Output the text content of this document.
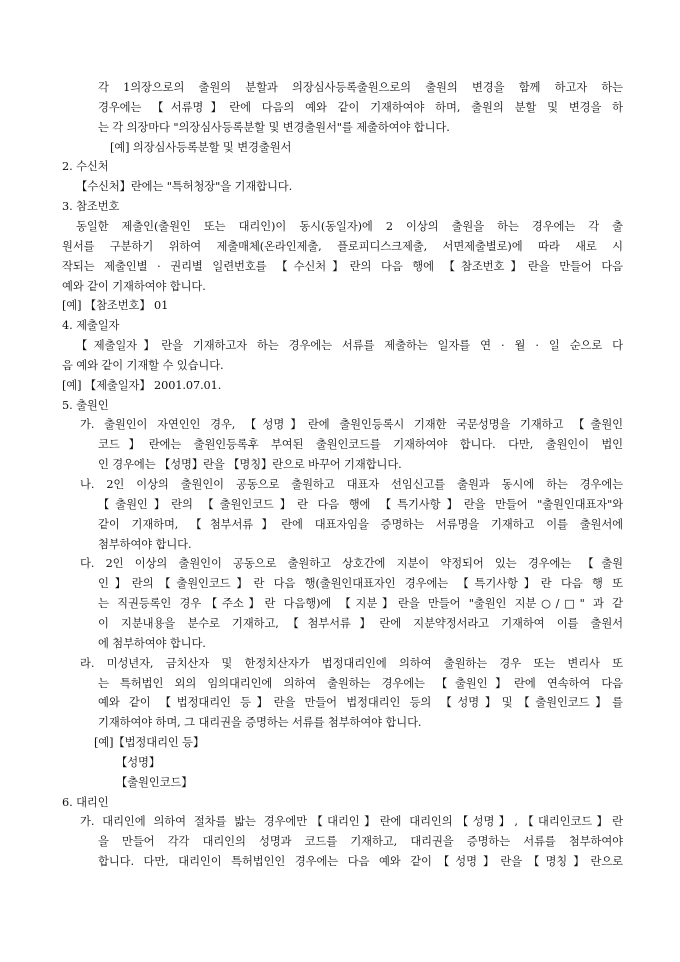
각 1의장으로의 출원의 분할과 의장심사등록출원으로의 출원의 변경을 함께 하고자 하는

경우에는 【서류명】란에 다음의 예와 같이 기재하여야 하며, 출원의 분할 및 변경을 하

는 각 의장마다 "의장심사등록분할 및 변경출원서"를 제출하여야 합니다.

[예] 의장심사등록분할 및 변경출원서

2. 수신처

【수신처】란에는 "특허청장"을 기재합니다.

3. 참조번호

동일한 제출인(출원인 또는 대리인)이 동시(동일자)에 2 이상의 출원을 하는 경우에는 각 출

원서를 구분하기 위하여 제출매체(온라인제출, 플로피디스크제출, 서면제출별로)에 따라 새로 시

작되는 제출인별 · 권리별 일련번호를 【수신처】란의 다음 행에 【참조번호】란을 만들어 다음

예와 같이 기재하여야 합니다.

[예] 【참조번호】 01

4. 제출일자

【제출일자】란을 기재하고자 하는 경우에는 서류를 제출하는 일자를 연 · 월 · 일 순으로 다

음 예와 같이 기재할 수 있습니다.

[예] 【제출일자】 2001.07.01.

5. 출원인

가. 출원인이 자연인인 경우, 【성명】란에 출원인등록시 기재한 국문성명을 기재하고 【출원인

코드】란에는 출원인등록후 부여된 출원인코드를 기재하여야 합니다. 다만, 출원인이 법인

인 경우에는 【성명】란을 【명칭】란으로 바꾸어 기재합니다.

나. 2인 이상의 출원인이 공동으로 출원하고 대표자 선임신고를 출원과 동시에 하는 경우에는

【출원인】란의 【출원인코드】란 다음 행에 【특기사항】란을 만들어 "출원인대표자"와

같이 기재하며, 【첨부서류】란에 대표자임을 증명하는 서류명을 기재하고 이를 출원서에

첨부하여야 합니다.

다. 2인 이상의 출원인이 공동으로 출원하고 상호간에 지분이 약정되어 있는 경우에는 【출원

인】란의【출원인코드】란 다음 행(출원인대표자인 경우에는 【특기사항】란 다음 행 또

는 직권등록인 경우【주소】란 다음행)에 【지분】란을 만들어 "출원인 지분○/□" 과 같

이 지분내용을 분수로 기재하고,【첨부서류】란에 지분약정서라고 기재하여 이를 출원서

에 첨부하여야 합니다.

라. 미성년자, 금치산자 및 한정치산자가 법정대리인에 의하여 출원하는 경우 또는 변리사 또

는 특허법인 외의 임의대리인에 의하여 출원하는 경우에는 【출원인】란에 연속하여 다음

예와 같이 【법정대리인 등】란을 만들어 법정대리인 등의 【성명】및【출원인코드】를

기재하여야 하며, 그 대리권을 증명하는 서류를 첨부하여야 합니다.

[예]【법정대리인 등】

【성명】

【출원인코드】

6. 대리인

가. 대리인에 의하여 절차를 밟는 경우에만【대리인】란에 대리인의【성명】,【대리인코드】란

을 만들어 각각 대리인의 성명과 코드를 기재하고, 대리권을 증명하는 서류를 첨부하여야

합니다. 다만, 대리인이 특허법인인 경우에는 다음 예와 같이【성명】란을【명칭】란으로
